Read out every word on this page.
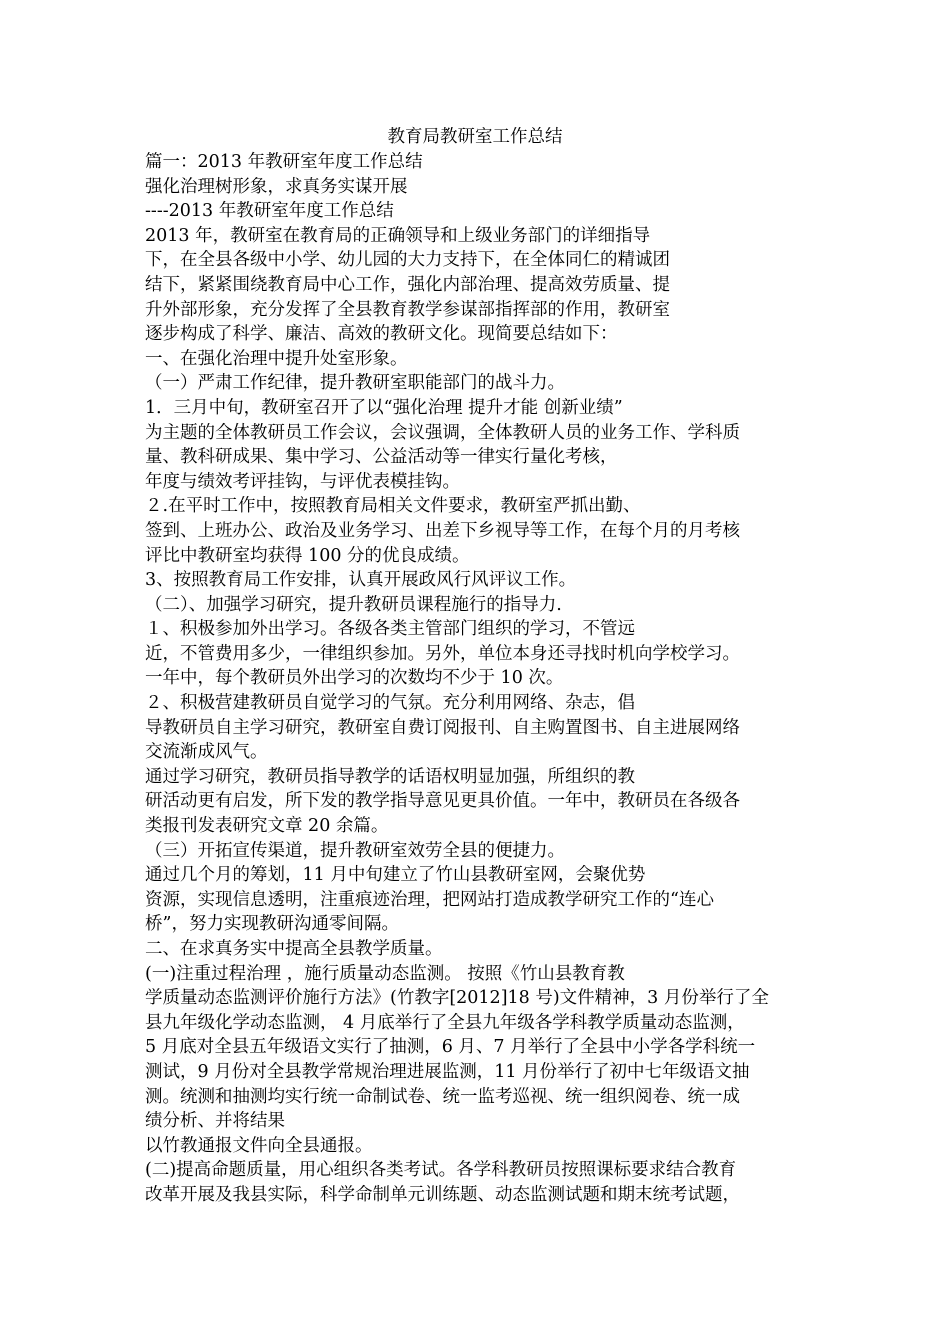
教育局教研室工作总结
篇一：2013 年教研室年度工作总结
强化治理树形象，求真务实谋开展
----2013 年教研室年度工作总结
2013 年，教研室在教育局的正确领导和上级业务部门的详细指导
下，在全县各级中小学、幼儿园的大力支持下，在全体同仁的精诚团
结下，紧紧围绕教育局中心工作，强化内部治理、提高效劳质量、提
升外部形象，充分发挥了全县教育教学参谋部指挥部的作用，教研室
逐步构成了科学、廉洁、高效的教研文化。现简要总结如下：
一、在强化治理中提升处室形象。
（一）严肃工作纪律，提升教研室职能部门的战斗力。
1．三月中旬，教研室召开了以“强化治理 提升才能 创新业绩”
为主题的全体教研员工作会议，会议强调，全体教研人员的业务工作、学科质
量、教科研成果、集中学习、公益活动等一律实行量化考核，
年度与绩效考评挂钩，与评优表模挂钩。
２.在平时工作中，按照教育局相关文件要求，教研室严抓出勤、
签到、上班办公、政治及业务学习、出差下乡视导等工作，在每个月的月考核
评比中教研室均获得 100 分的优良成绩。
3、按照教育局工作安排，认真开展政风行风评议工作。
（二）、加强学习研究，提升教研员课程施行的指导力.
１、积极参加外出学习。各级各类主管部门组织的学习，不管远
近，不管费用多少，一律组织参加。另外，单位本身还寻找时机向学校学习。
一年中，每个教研员外出学习的次数均不少于 10 次。
２、积极营建教研员自觉学习的气氛。充分利用网络、杂志，倡
导教研员自主学习研究，教研室自费订阅报刊、自主购置图书、自主进展网络
交流渐成风气。
通过学习研究，教研员指导教学的话语权明显加强，所组织的教
研活动更有启发，所下发的教学指导意见更具价值。一年中，教研员在各级各
类报刊发表研究文章 20 余篇。
（三）开拓宣传渠道，提升教研室效劳全县的便捷力。
通过几个月的筹划，11 月中旬建立了竹山县教研室网，会聚优势
资源，实现信息透明，注重痕迹治理，把网站打造成教学研究工作的“连心
桥”，努力实现教研沟通零间隔。
二、在求真务实中提高全县教学质量。
(一)注重过程治理 ，施行质量动态监测。 按照《竹山县教育教
学质量动态监测评价施行方法》(竹教字[2012]18 号)文件精神，3 月份举行了全
县九年级化学动态监测， 4 月底举行了全县九年级各学科教学质量动态监测，
5 月底对全县五年级语文实行了抽测，6 月、7 月举行了全县中小学各学科统一
测试，9 月份对全县教学常规治理进展监测，11 月份举行了初中七年级语文抽
测。统测和抽测均实行统一命制试卷、统一监考巡视、统一组织阅卷、统一成
绩分析、并将结果
以竹教通报文件向全县通报。
(二)提高命题质量，用心组织各类考试。各学科教研员按照课标要求结合教育
改革开展及我县实际，科学命制单元训练题、动态监测试题和期末统考试题，
